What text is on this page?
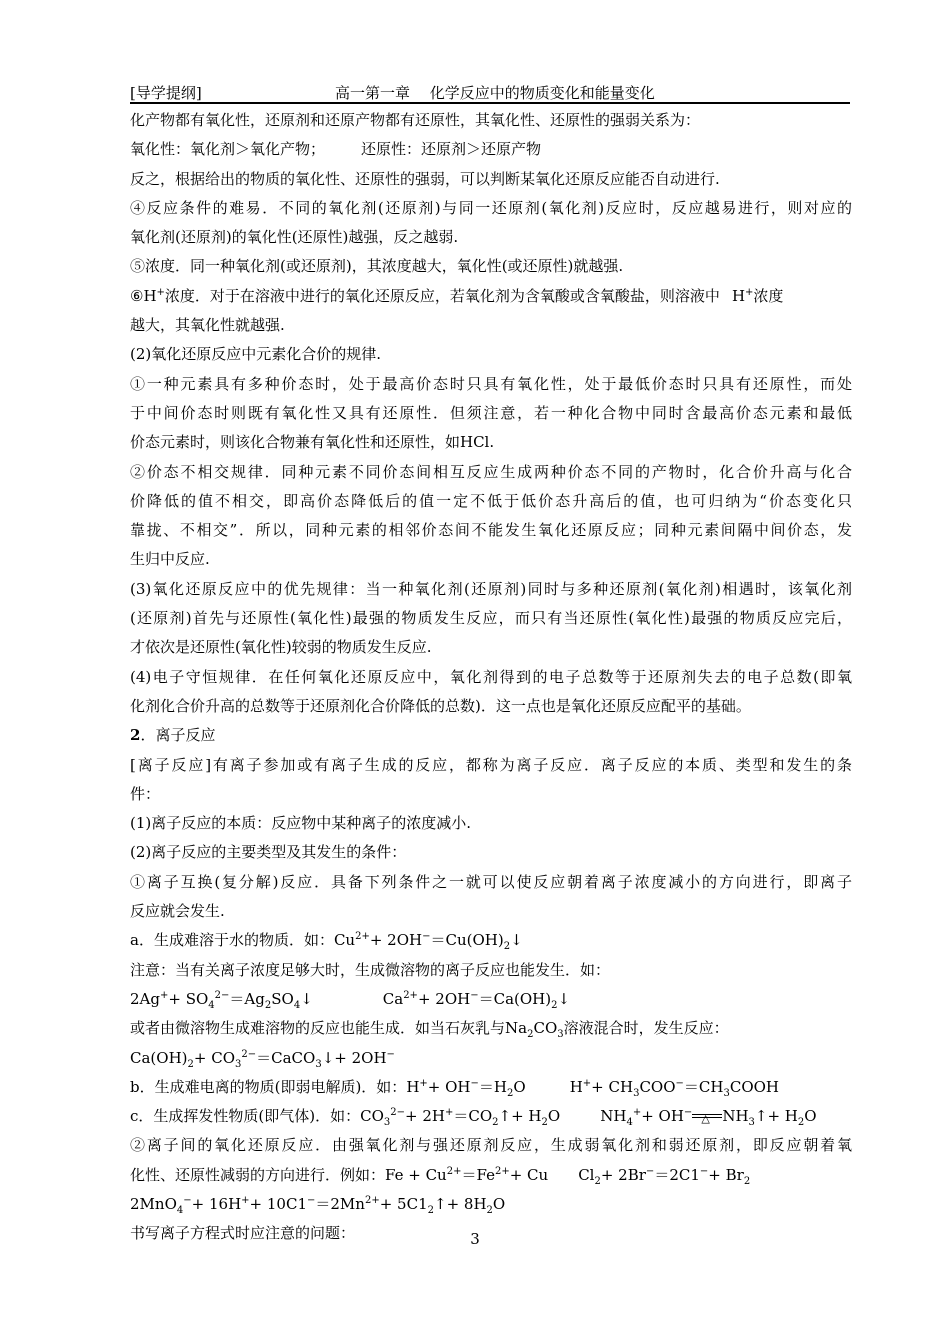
[导学提纲]	高一第一章　 化学反应中的物质变化和能量变化
化产物都有氧化性，还原剂和还原产物都有还原性，其氧化性、还原性的强弱关系为：
氧化性：氧化剂＞氧化产物； 还原性：还原剂＞还原产物
反之，根据给出的物质的氧化性、还原性的强弱，可以判断某氧化还原反应能否自动进行.
④反应条件的难易．不同的氧化剂(还原剂)与同一还原剂(氧化剂)反应时，反应越易进行，则对应的
氧化剂(还原剂)的氧化性(还原性)越强，反之越弱.
⑤浓度．同一种氧化剂(或还原剂)，其浓度越大，氧化性(或还原性)就越强.
⑥H+浓度．对于在溶液中进行的氧化还原反应，若氧化剂为含氧酸或含氧酸盐，则溶液中 H+浓度
越大，其氧化性就越强.
(2)氧化还原反应中元素化合价的规律.
①一种元素具有多种价态时，处于最高价态时只具有氧化性，处于最低价态时只具有还原性，而处
于中间价态时则既有氧化性又具有还原性．但须注意，若一种化合物中同时含最高价态元素和最低
价态元素时，则该化合物兼有氧化性和还原性，如HCl.
②价态不相交规律．同种元素不同价态间相互反应生成两种价态不同的产物时，化合价升高与化合
价降低的值不相交，即高价态降低后的值一定不低于低价态升高后的值，也可归纳为“价态变化只
靠拢、不相交”．所以，同种元素的相邻价态间不能发生氧化还原反应；同种元素间隔中间价态，发
生归中反应.
(3)氧化还原反应中的优先规律：当一种氧化剂(还原剂)同时与多种还原剂(氧化剂)相遇时，该氧化剂
(还原剂)首先与还原性(氧化性)最强的物质发生反应，而只有当还原性(氧化性)最强的物质反应完后，
才依次是还原性(氧化性)较弱的物质发生反应.
(4)电子守恒规律．在任何氧化还原反应中，氧化剂得到的电子总数等于还原剂失去的电子总数(即氧
化剂化合价升高的总数等于还原剂化合价降低的总数)．这一点也是氧化还原反应配平的基础。
2．离子反应
[离子反应]有离子参加或有离子生成的反应，都称为离子反应．离子反应的本质、类型和发生的条
件：
(1)离子反应的本质：反应物中某种离子的浓度减小.
(2)离子反应的主要类型及其发生的条件：
①离子互换(复分解)反应．具备下列条件之一就可以使反应朝着离子浓度减小的方向进行，即离子
反应就会发生.
a．生成难溶于水的物质．如：$Cu^{2+}+$ $2OH^-=Cu(OH)_2↓$
注意：当有关离子浓度足够大时，生成微溶物的离子反应也能发生．如：
$2Ag^++ SO_4^{2-}=Ag_2SO_4↓$	$Ca^{2+}+$ $2OH^-=Ca(OH)_2↓$
或者由微溶物生成难溶物的反应也能生成．如当石灰乳与$Na_2CO_3$溶液混合时，发生反应：
$Ca(OH)_2+$ $CO_3^{2-}=CaCO_3↓+ 2OH^-$
b．生成难电离的物质(即弱电解质)．如：$H^++ OH^-=H_2O$	$H^++ CH_3COO^-=CH_3COOH$
c．生成挥发性物质(即气体)．如：$CO_3^{2-}+$ $2H^+=CO_2↑+ H_2O$	$NH_4^++ OH^-$ △ $NH_3↑+ H_2O$
②离子间的氧化还原反应．由强氧化剂与强还原剂反应，生成弱氧化剂和弱还原剂，即反应朝着氧
化性、还原性减弱的方向进行．例如：$Fe + Cu^{2+}=Fe^{2+}+ Cu$ $Cl_2+ 2Br^-=2C1^-+ Br_2$
$2MnO_4^-+ 16H^++ 10C1^-=2Mn^{2+}+$ $5C1_2↑+ 8H_2O$
书写离子方程式时应注意的问题：	3
